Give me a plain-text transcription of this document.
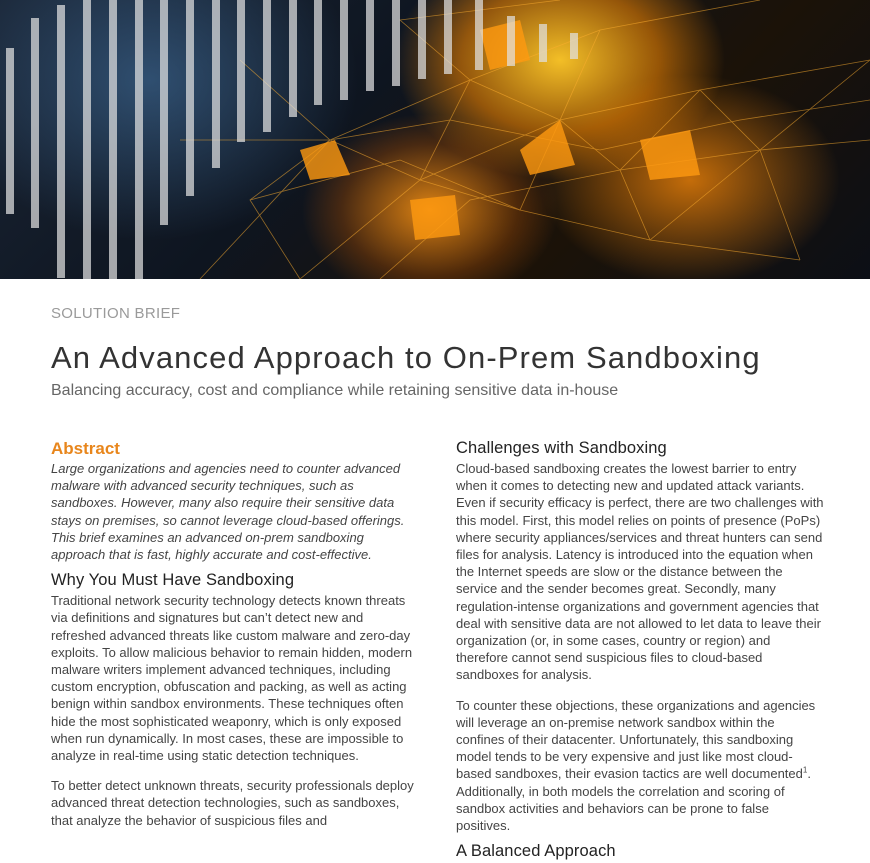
SOLUTION BRIEF
An Advanced Approach to On-Prem Sandboxing
Balancing accuracy, cost and compliance while retaining sensitive data in-house
Abstract

Large organizations and agencies need to counter advanced malware with advanced security techniques, such as sandboxes. However, many also require their sensitive data stays on premises, so cannot leverage cloud-based offerings. This brief examines an advanced on-prem sandboxing approach that is fast, highly accurate and cost-effective.

Why You Must Have Sandboxing

Traditional network security technology detects known threats via definitions and signatures but can’t detect new and refreshed advanced threats like custom malware and zero-day exploits. To allow malicious behavior to remain hidden, modern malware writers implement advanced techniques, including custom encryption, obfuscation and packing, as well as acting benign within sandbox environments. These techniques often hide the most sophisticated weaponry, which is only exposed when run dynamically. In most cases, these are impossible to analyze in real-time using static detection techniques.

To better detect unknown threats, security professionals deploy advanced threat detection technologies, such as sandboxes, that analyze the behavior of suspicious files and

Challenges with Sandboxing

Cloud-based sandboxing creates the lowest barrier to entry when it comes to detecting new and updated attack variants. Even if security efficacy is perfect, there are two challenges with this model. First, this model relies on points of presence (PoPs) where security appliances/services and threat hunters can send files for analysis. Latency is introduced into the equation when the Internet speeds are slow or the distance between the service and the sender becomes great. Secondly, many regulation-intense organizations and government agencies that deal with sensitive data are not allowed to let data to leave their organization (or, in some cases, country or region) and therefore cannot send suspicious files to cloud-based sandboxes for analysis.

To counter these objections, these organizations and agencies will leverage an on-premise network sandbox within the confines of their datacenter. Unfortunately, this sandboxing model tends to be very expensive and just like most cloud-based sandboxes, their evasion tactics are well documented$^1$. Additionally, in both models the correlation and scoring of sandbox activities and behaviors can be prone to false positives.

A Balanced Approach
